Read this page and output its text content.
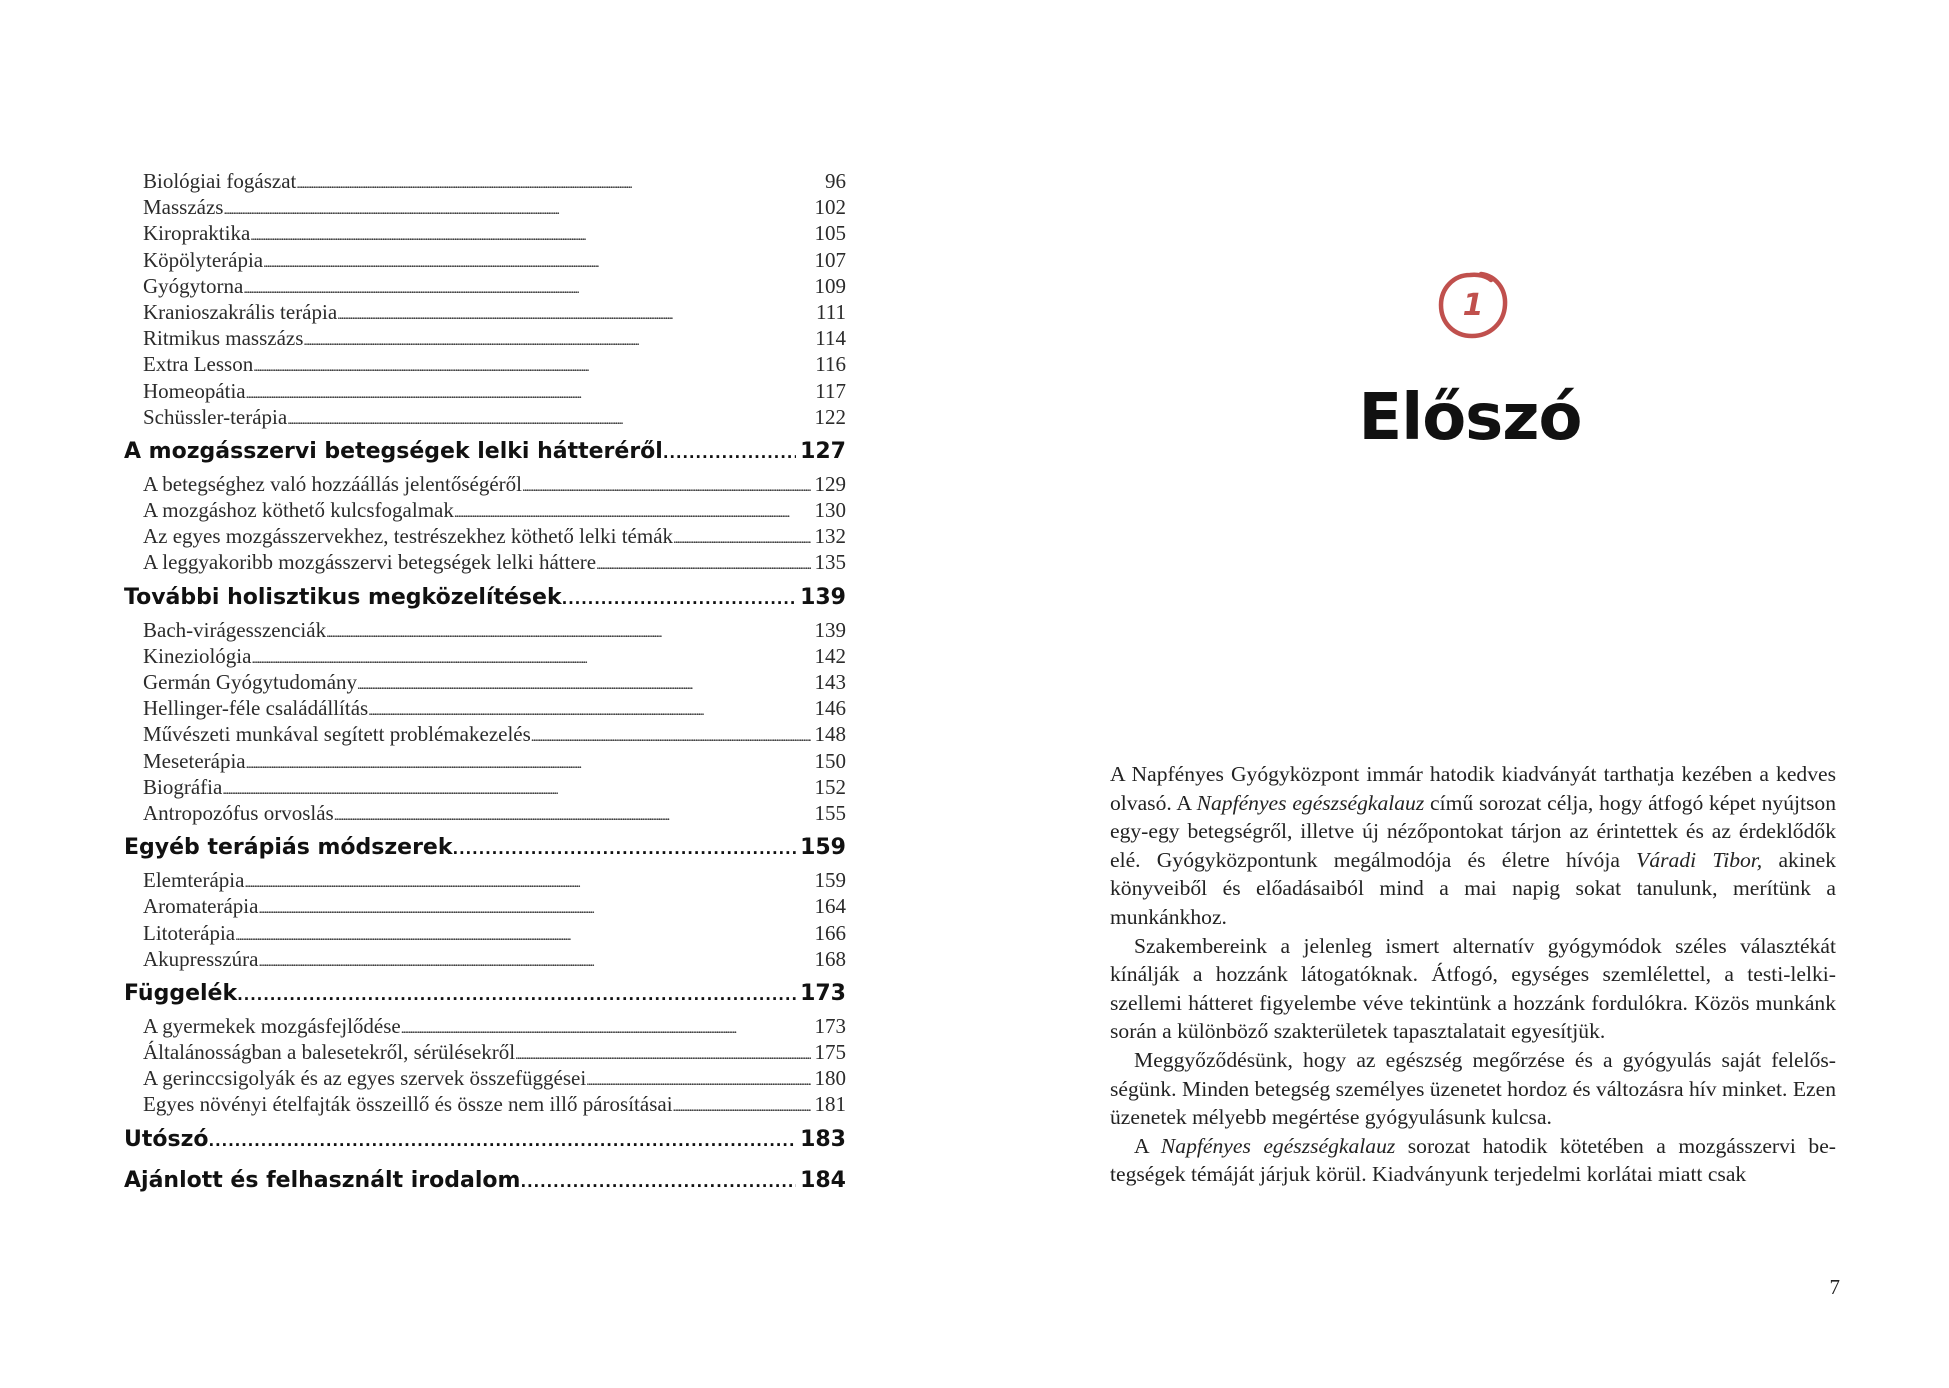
Biológiai fogászat . . .	96
Masszázs . . .	102
Kiropraktika . . .	105
Köpölyterápia . . .	107
Gyógytorna . . .	109
Kranioszakrális terápia . . .	111
Ritmikus masszázs . . .	114
Extra Lesson . . .	116
Homeopátia . . .	117
Schüssler-terápia . . .	122
A mozgásszervi betegségek lelki hátteréről . . .	127
A betegséghez való hozzáállás jelentőségéről . . .	129
A mozgáshoz köthető kulcsfogalmak . . .	130
Az egyes mozgásszervekhez, testrészekhez köthető lelki témák . . .	132
A leggyakoribb mozgásszervi betegségek lelki háttere . . .	135
További holisztikus megközelítések . . .	139
Bach-virágesszenciák . . .	139
Kineziológia . . .	142
Germán Gyógytudomány . . .	143
Hellinger-féle családállítás . . .	146
Művészeti munkával segített problémakezelés . . .	148
Meseterápia . . .	150
Biográfia . . .	152
Antropozófus orvoslás . . .	155
Egyéb terápiás módszerek . . .	159
Elemterápia . . .	159
Aromaterápia . . .	164
Litoterápia . . .	166
Akupresszúra . . .	168
Függelék . . .	173
A gyermekek mozgásfejlődése . . .	173
Általánosságban a balesetekről, sérülésekről . . .	175
A gerinccsigolyák és az egyes szervek összefüggései . . .	180
Egyes növényi ételfajták összeillő és össze nem illő párosításai . . .	181
Utószó . . .	183
Ajánlott és felhasznált irodalom . . .	184
1
Előszó

A Napfényes Gyógyközpont immár hatodik kiadványát tarthatja kezében a kedves olvasó. A Napfényes egészségkalauz című sorozat célja, hogy átfogó képet nyújtson egy-egy betegségről, illetve új nézőpontokat tárjon az érintettek és az érdeklődők elé. Gyógyközpontunk megálmodója és életre hívója Váradi Tibor, akinek könyveiből és előadásaiból mind a mai napig sokat tanulunk, merítünk a munkánkhoz.

Szakembereink a jelenleg ismert alternatív gyógymódok széles választékát kínálják a hozzánk látogatóknak. Átfogó, egységes szemlélettel, a testi-lelki-szellemi hátteret figyelembe véve tekintünk a hozzánk fordulókra. Közös munkánk során a különböző szakterületek tapasztalatait egyesítjük.

Meggyőződésünk, hogy az egészség megőrzése és a gyógyulás saját felelősségünk. Minden betegség személyes üzenetet hordoz és változásra hív minket. Ezen üzenetek mélyebb megértése gyógyulásunk kulcsa.

A Napfényes egészségkalauz sorozat hatodik kötetében a mozgásszervi betegségek témáját járjuk körül. Kiadványunk terjedelmi korlátai miatt csak

7
